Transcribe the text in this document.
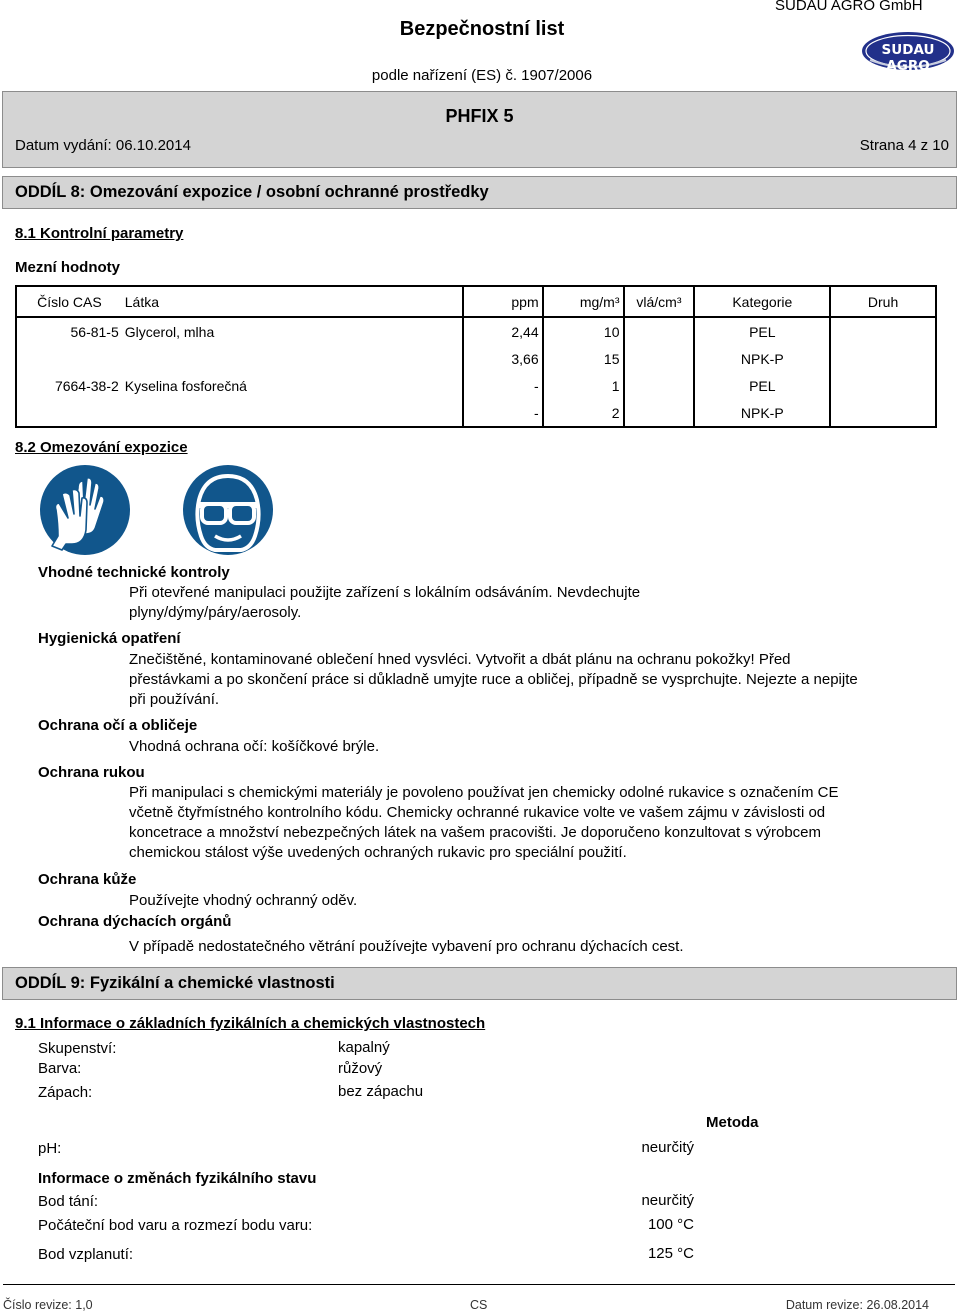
Bezpečnostní list
SUDAU AGRO GmbH
SUDAU AGRO
podle nařízení (ES) č. 1907/2006
PHFIX 5
Datum vydání: 06.10.2014	Strana 4 z 10
ODDÍL 8: Omezování expozice / osobní ochranné prostředky
8.1 Kontrolní parametry
Mezní hodnoty
Číslo CAS	Látka	ppm	mg/m³	vlá/cm³	Kategorie	Druh
56-81-5	Glycerol, mlha	2,44	10		PEL	
		3,66	15		NPK-P	
7664-38-2	Kyselina fosforečná	-	1		PEL	
		-	2		NPK-P	
8.2 Omezování expozice
Vhodné technické kontroly
Při otevřené manipulaci použijte zařízení s lokálním odsáváním. Nevdechujte plyny/dýmy/páry/aerosoly.
Hygienická opatření
Znečištěné, kontaminované oblečení hned vysvléci. Vytvořit a dbát plánu na ochranu pokožky! Před přestávkami a po skončení práce si důkladně umyjte ruce a obličej, případně se vysprchujte. Nejezte a nepijte při používání.
Ochrana očí a obličeje
Vhodná ochrana očí: košíčkové brýle.
Ochrana rukou
Při manipulaci s chemickými materiály je povoleno používat jen chemicky odolné rukavice s označením CE včetně čtyřmístného kontrolního kódu. Chemicky ochranné rukavice volte ve vašem zájmu v závislosti od koncetrace a množství nebezpečných látek na vašem pracovišti. Je doporučeno konzultovat s výrobcem chemickou stálost výše uvedených ochraných rukavic pro speciální použití.
Ochrana kůže
Používejte vhodný ochranný oděv.
Ochrana dýchacích orgánů
V případě nedostatečného větrání používejte vybavení pro ochranu dýchacích cest.
ODDÍL 9: Fyzikální a chemické vlastnosti
9.1 Informace o základních fyzikálních a chemických vlastnostech
Skupenství:	kapalný
Barva:	růžový
Zápach:	bez zápachu
Metoda
pH:	neurčitý
Informace o změnách fyzikálního stavu
Bod tání:	neurčitý
Počáteční bod varu a rozmezí bodu varu:	100 °C
Bod vzplanutí:	125 °C
Číslo revize: 1,0	CS	Datum revize: 26.08.2014
